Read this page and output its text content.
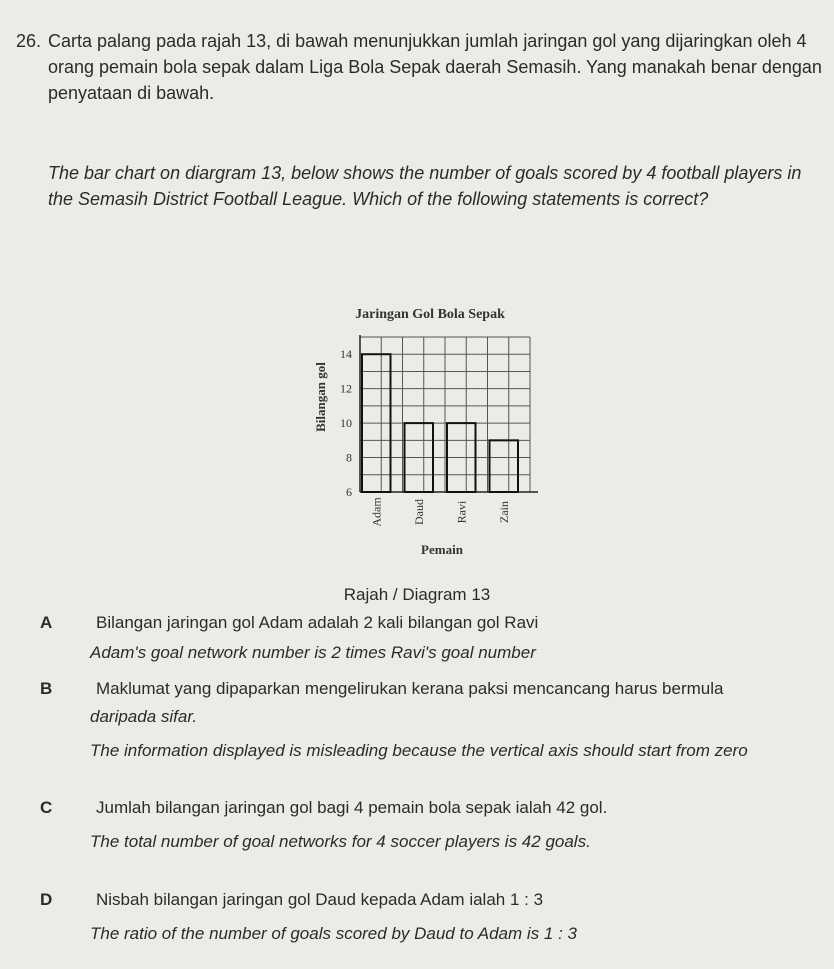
26. Carta palang pada rajah 13, di bawah menunjukkan jumlah jaringan gol yang dijaringkan oleh 4 orang pemain bola sepak dalam Liga Bola Sepak daerah Semasih. Yang manakah benar dengan penyataan di bawah.
The bar chart on diargram 13, below shows the number of goals scored by 4 football players in the Semasih District Football League. Which of the following statements is correct?
Jaringan Gol Bola Sepak
6
8
10
12
14
Adam Daud Ravi Zain
Bilangan gol
Pemain
Rajah / Diagram 13
A	Bilangan jaringan gol Adam adalah 2 kali bilangan gol Ravi
Adam's goal network number is 2 times Ravi's goal number
B	Maklumat yang dipaparkan mengelirukan kerana paksi mencancang harus bermula
daripada sifar.
The information displayed is misleading because the vertical axis should start from zero
C	Jumlah bilangan jaringan gol bagi 4 pemain bola sepak ialah 42 gol.
The total number of goal networks for 4 soccer players is 42 goals.
D	Nisbah bilangan jaringan gol Daud kepada Adam ialah 1 : 3
The ratio of the number of goals scored by Daud to Adam is 1 : 3
